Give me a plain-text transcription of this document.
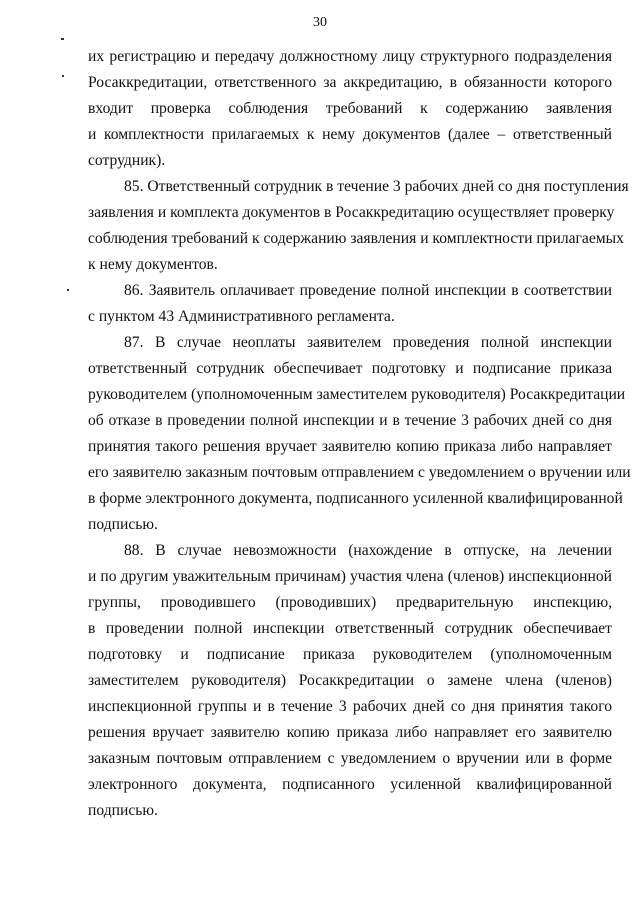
30
их регистрацию и передачу должностному лицу структурного подразделения
Росаккредитации, ответственного за аккредитацию, в обязанности которого
входит проверка соблюдения требований к содержанию заявления
и комплектности прилагаемых к нему документов (далее – ответственный
сотрудник).
85. Ответственный сотрудник в течение 3 рабочих дней со дня поступления
заявления и комплекта документов в Росаккредитацию осуществляет проверку
соблюдения требований к содержанию заявления и комплектности прилагаемых
к нему документов.
86. Заявитель оплачивает проведение полной инспекции в соответствии
с пунктом 43 Административного регламента.
87. В случае неоплаты заявителем проведения полной инспекции
ответственный сотрудник обеспечивает подготовку и подписание приказа
руководителем (уполномоченным заместителем руководителя) Росаккредитации
об отказе в проведении полной инспекции и в течение 3 рабочих дней со дня
принятия такого решения вручает заявителю копию приказа либо направляет
его заявителю заказным почтовым отправлением с уведомлением о вручении или
в форме электронного документа, подписанного усиленной квалифицированной
подписью.
88. В случае невозможности (нахождение в отпуске, на лечении
и по другим уважительным причинам) участия члена (членов) инспекционной
группы, проводившего (проводивших) предварительную инспекцию,
в проведении полной инспекции ответственный сотрудник обеспечивает
подготовку и подписание приказа руководителем (уполномоченным
заместителем руководителя) Росаккредитации о замене члена (членов)
инспекционной группы и в течение 3 рабочих дней со дня принятия такого
решения вручает заявителю копию приказа либо направляет его заявителю
заказным почтовым отправлением с уведомлением о вручении или в форме
электронного документа, подписанного усиленной квалифицированной
подписью.
